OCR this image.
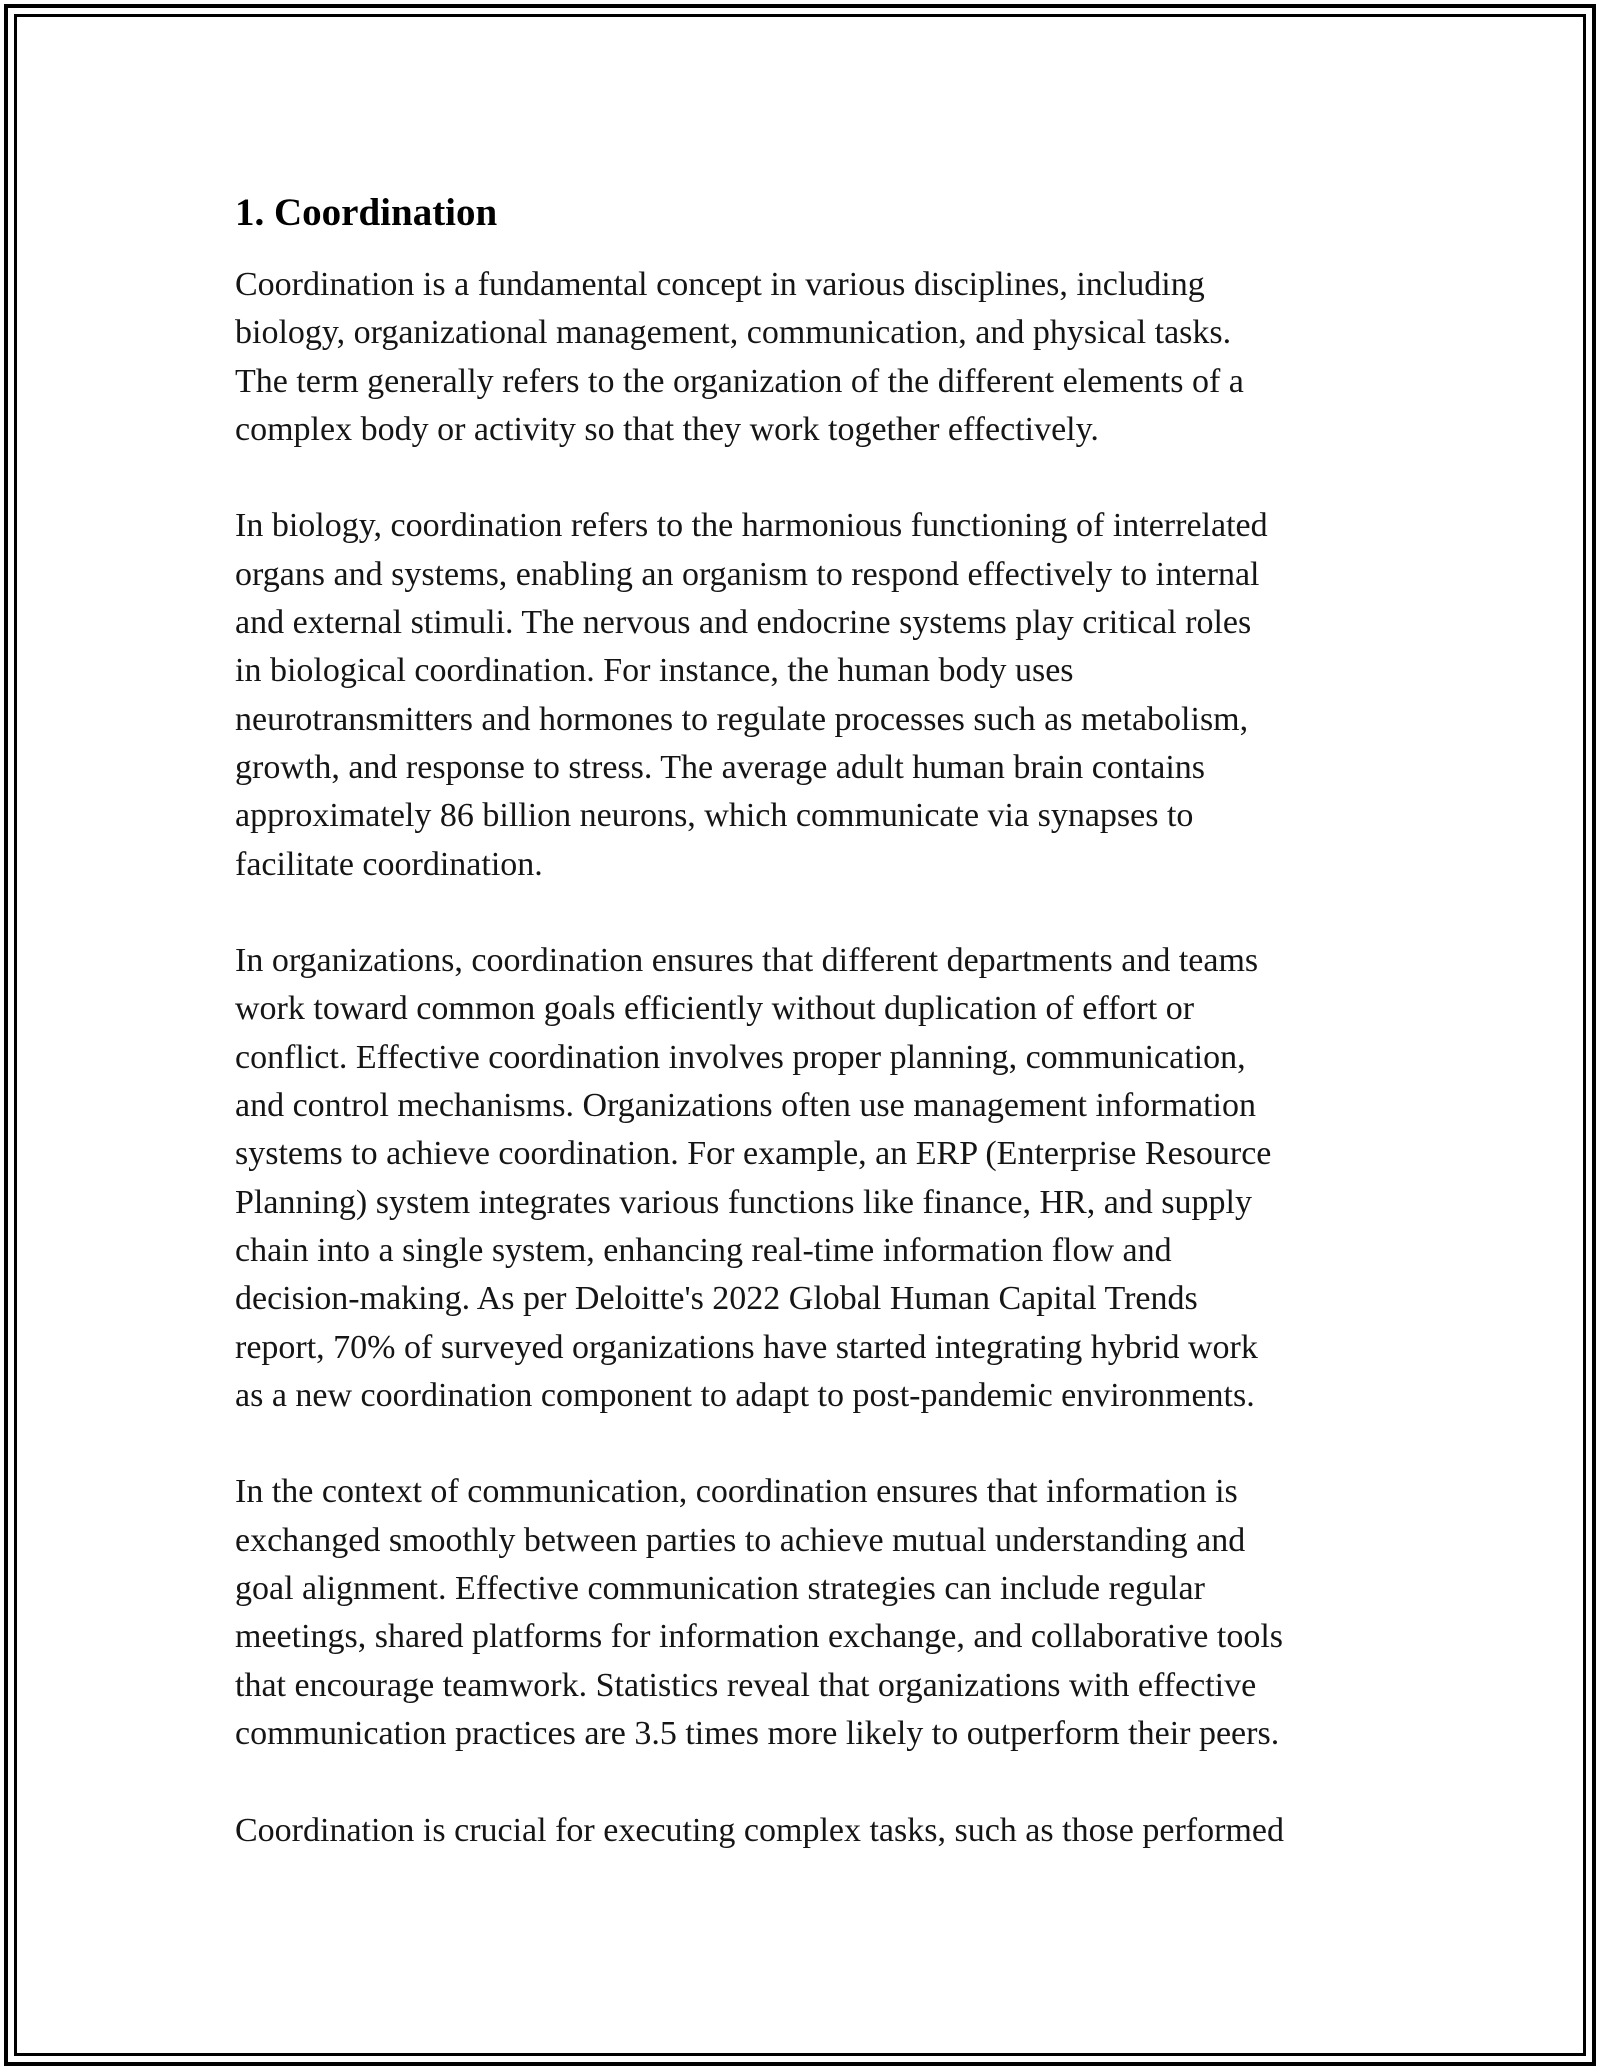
1. Coordination
Coordination is a fundamental concept in various disciplines, including
biology, organizational management, communication, and physical tasks.
The term generally refers to the organization of the different elements of a
complex body or activity so that they work together effectively.
In biology, coordination refers to the harmonious functioning of interrelated
organs and systems, enabling an organism to respond effectively to internal
and external stimuli. The nervous and endocrine systems play critical roles
in biological coordination. For instance, the human body uses
neurotransmitters and hormones to regulate processes such as metabolism,
growth, and response to stress. The average adult human brain contains
approximately 86 billion neurons, which communicate via synapses to
facilitate coordination.
In organizations, coordination ensures that different departments and teams
work toward common goals efficiently without duplication of effort or
conflict. Effective coordination involves proper planning, communication,
and control mechanisms. Organizations often use management information
systems to achieve coordination. For example, an ERP (Enterprise Resource
Planning) system integrates various functions like finance, HR, and supply
chain into a single system, enhancing real-time information flow and
decision-making. As per Deloitte's 2022 Global Human Capital Trends
report, 70% of surveyed organizations have started integrating hybrid work
as a new coordination component to adapt to post-pandemic environments.
In the context of communication, coordination ensures that information is
exchanged smoothly between parties to achieve mutual understanding and
goal alignment. Effective communication strategies can include regular
meetings, shared platforms for information exchange, and collaborative tools
that encourage teamwork. Statistics reveal that organizations with effective
communication practices are 3.5 times more likely to outperform their peers.
Coordination is crucial for executing complex tasks, such as those performed
